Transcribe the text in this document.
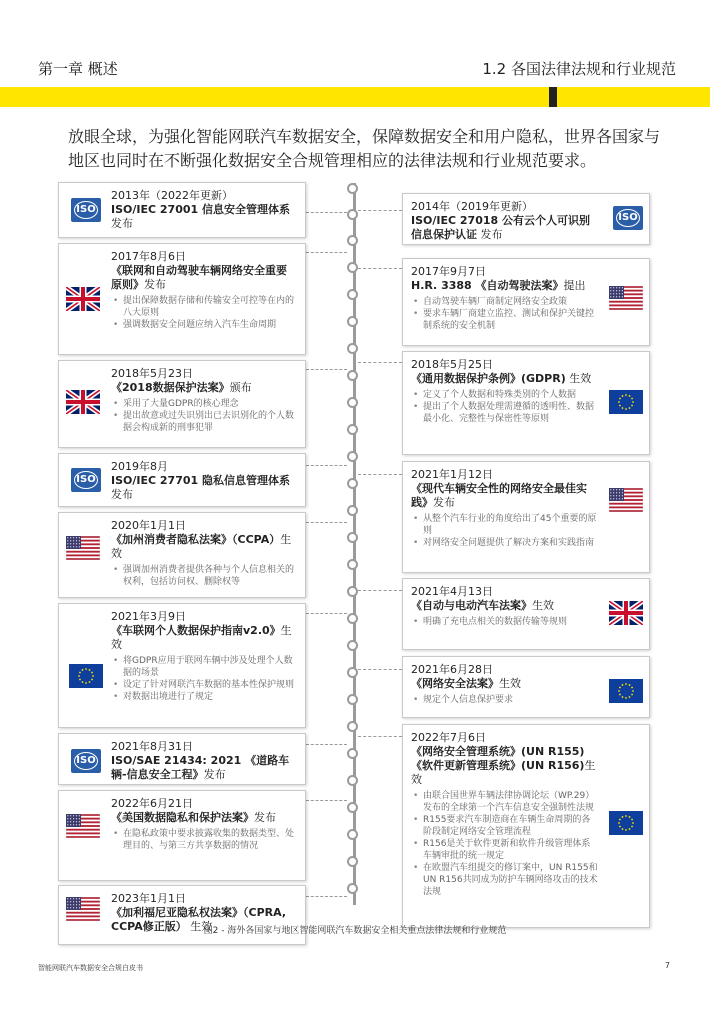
第一章 概述	1.2 各国法律法规和行业规范
放眼全球，为强化智能网联汽车数据安全，保障数据安全和用户隐私，世界各国家与地区也同时在不断强化数据安全合规管理相应的法律法规和行业规范要求。
2013年（2022年更新）
ISO/IEC 27001 信息安全管理体系 发布
ISO
2017年8月6日
《联网和自动驾驶车辆网络安全重要原则》发布
• 提出保障数据存储和传输安全可控等在内的八大原则
• 强调数据安全问题应纳入汽车生命周期
2018年5月23日
《2018数据保护法案》颁布
• 采用了大量GDPR的核心理念
• 提出故意或过失识别出已去识别化的个人数据会构成新的刑事犯罪
2019年8月
ISO/IEC 27701 隐私信息管理体系 发布
ISO
2020年1月1日
《加州消费者隐私法案》（CCPA）生效
• 强调加州消费者提供各种与个人信息相关的权利，包括访问权、删除权等
2021年3月9日
《车联网个人数据保护指南v2.0》生效
• 将GDPR应用于联网车辆中涉及处理个人数据的场景
• 设定了针对网联汽车数据的基本性保护规则
• 对数据出境进行了规定
2021年8月31日
ISO/SAE 21434: 2021 《道路车辆-信息安全工程》发布
ISO
2022年6月21日
《美国数据隐私和保护法案》发布
• 在隐私政策中要求披露收集的数据类型、处理目的、与第三方共享数据的情况
2023年1月1日
《加利福尼亚隐私权法案》（CPRA, CCPA修正版） 生效
2014年（2019年更新）
ISO/IEC 27018 公有云个人可识别信息保护认证 发布
ISO
2017年9月7日
H.R. 3388 《自动驾驶法案》提出
• 自动驾驶车辆厂商制定网络安全政策
• 要求车辆厂商建立监控、测试和保护关键控制系统的安全机制
2018年5月25日
《通用数据保护条例》(GDPR) 生效
• 定义了个人数据和特殊类别的个人数据
• 提出了个人数据处理需遵循的透明性、数据最小化、完整性与保密性等原则
2021年1月12日
《现代车辆安全性的网络安全最佳实践》发布
• 从整个汽车行业的角度给出了45个重要的原则
• 对网络安全问题提供了解决方案和实践指南
2021年4月13日
《自动与电动汽车法案》生效
• 明确了充电点相关的数据传输等规则
2021年6月28日
《网络安全法案》生效
• 规定个人信息保护要求
2022年7月6日
《网络安全管理系统》(UN R155) 《软件更新管理系统》(UN R156)生效
• 由联合国世界车辆法律协调论坛（WP.29）发布的全球第一个汽车信息安全强制性法规
• R155要求汽车制造商在车辆生命周期的各阶段制定网络安全管理流程
• R156是关于软件更新和软件升级管理体系车辆审批的统一规定
• 在欧盟汽车组提交的修订案中，UN R155和UN R156共同成为防护车辆网络攻击的技术法规
图2 - 海外各国家与地区智能网联汽车数据安全相关重点法律法规和行业规范
智能网联汽车数据安全合规白皮书	7
